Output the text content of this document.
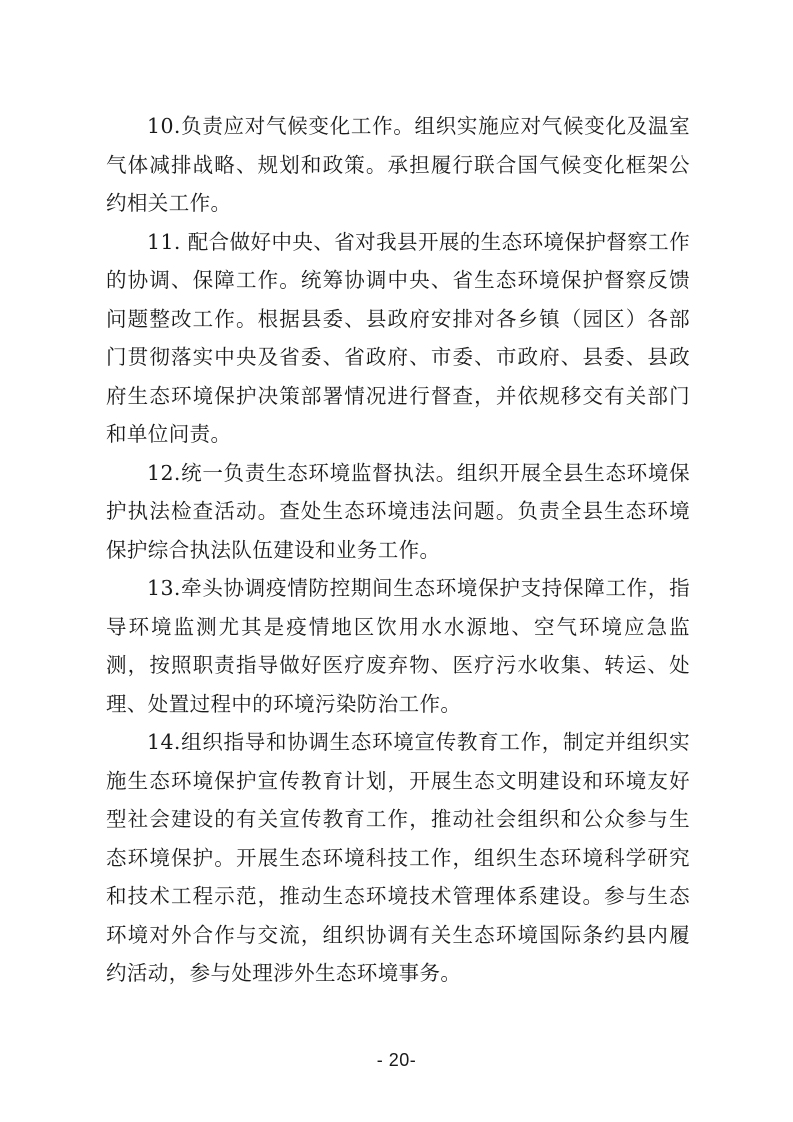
10.负责应对气候变化工作。组织实施应对气候变化及温室气体减排战略、规划和政策。承担履行联合国气候变化框架公约相关工作。

11. 配合做好中央、省对我县开展的生态环境保护督察工作的协调、保障工作。统筹协调中央、省生态环境保护督察反馈问题整改工作。根据县委、县政府安排对各乡镇（园区）各部门贯彻落实中央及省委、省政府、市委、市政府、县委、县政府生态环境保护决策部署情况进行督查，并依规移交有关部门和单位问责。

12.统一负责生态环境监督执法。组织开展全县生态环境保护执法检查活动。查处生态环境违法问题。负责全县生态环境保护综合执法队伍建设和业务工作。

13.牵头协调疫情防控期间生态环境保护支持保障工作，指导环境监测尤其是疫情地区饮用水水源地、空气环境应急监测，按照职责指导做好医疗废弃物、医疗污水收集、转运、处理、处置过程中的环境污染防治工作。

14.组织指导和协调生态环境宣传教育工作，制定并组织实施生态环境保护宣传教育计划，开展生态文明建设和环境友好型社会建设的有关宣传教育工作，推动社会组织和公众参与生态环境保护。开展生态环境科技工作，组织生态环境科学研究和技术工程示范，推动生态环境技术管理体系建设。参与生态环境对外合作与交流，组织协调有关生态环境国际条约县内履约活动，参与处理涉外生态环境事务。

- 20-
